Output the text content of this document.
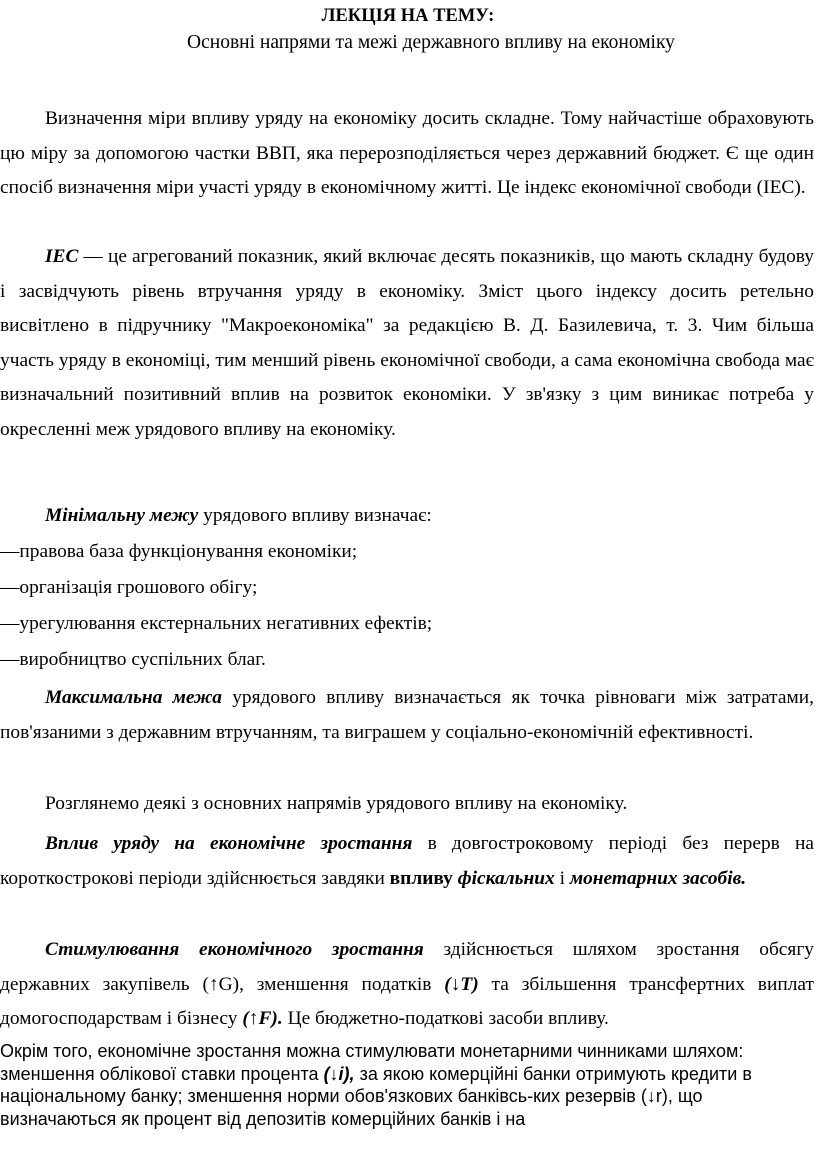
ЛЕКЦІЯ НА ТЕМУ:
Основні напрями та межі державного впливу на економіку

Визначення міри впливу уряду на економіку досить складне. Тому найчастіше обраховують цю міру за допомогою частки ВВП, яка перерозподіляється через державний бюджет. Є ще один спосіб визначення міри участі уряду в економічному житті. Це індекс економічної свободи (ІЕС).

ІЕС — це агрегований показник, який включає десять показників, що мають складну будову і засвідчують рівень втручання уряду в економіку. Зміст цього індексу досить ретельно висвітлено в підручнику "Макроекономіка" за редакцією В. Д. Базилевича, т. 3. Чим більша участь уряду в економіці, тим менший рівень економічної свободи, а сама економічна свобода має визначальний позитивний вплив на розвиток економіки. У зв'язку з цим виникає потреба у окресленні меж урядового впливу на економіку.

Мінімальну межу урядового впливу визначає:

—правова база функціонування економіки;

—організація грошового обігу;

—урегулювання екстернальних негативних ефектів;

—виробництво суспільних благ.

Максимальна межа урядового впливу визначається як точка рівноваги між затратами, пов'язаними з державним втручанням, та виграшем у соціально-економічній ефективності.

Розглянемо деякі з основних напрямів урядового впливу на економіку.

Вплив уряду на економічне зростання в довгостроковому періоді без перерв на короткострокові періоди здійснюється завдяки впливу фіскальних і монетарних засобів.

Стимулювання економічного зростання здійснюється шляхом зростання обсягу державних закупівель (↑G), зменшення податків (↓T) та збільшення трансфертних виплат домогосподарствам і бізнесу (↑F). Це бюджетно-податкові засоби впливу.

Окрім того, економічне зростання можна стимулювати монетарними чинниками шляхом: зменшення облікової ставки процента (↓i), за якою комерційні банки отримують кредити в національному банку; зменшення норми обов'язкових банківсь-ких резервів (↓r), що визначаються як процент від депозитів комерційних банків і на
